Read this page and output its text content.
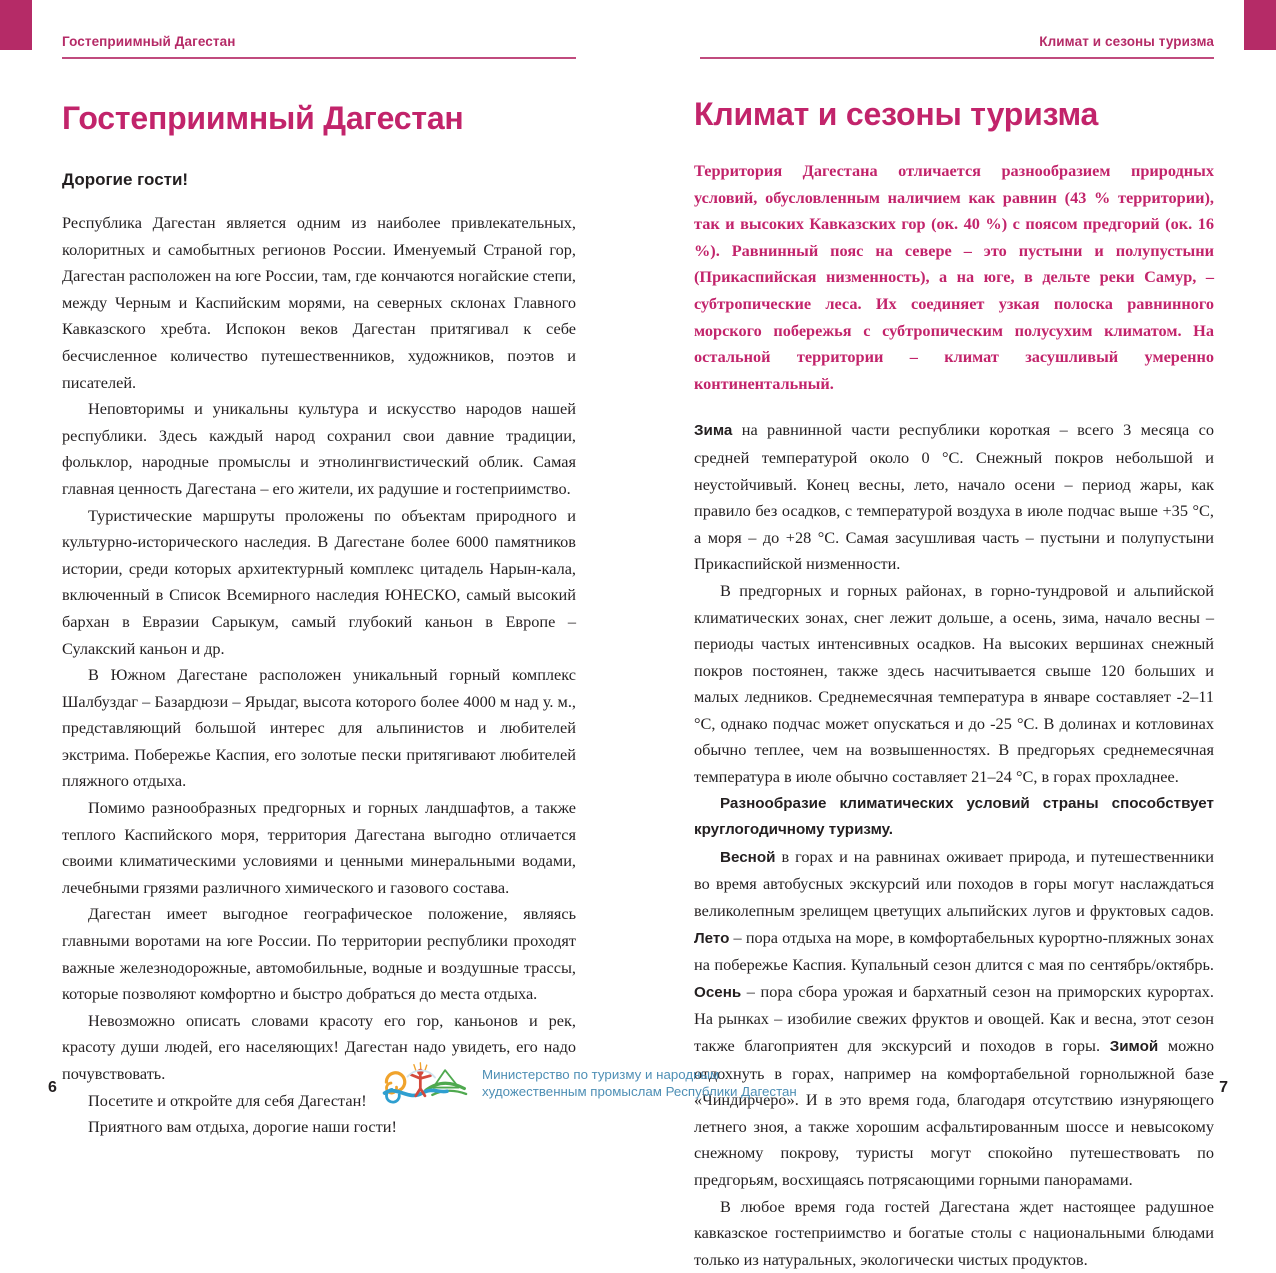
Гостеприимный Дагестан
Гостеприимный Дагестан
Дорогие гости!

Республика Дагестан является одним из наиболее привлекательных, колоритных и самобытных регионов России. Именуемый Страной гор, Дагестан расположен на юге России, там, где кончаются ногайские степи, между Черным и Каспийским морями, на северных склонах Главного Кавказского хребта. Испокон веков Дагестан притягивал к себе бесчисленное количество путешественников, художников, поэтов и писателей.

Неповторимы и уникальны культура и искусство народов нашей республики. Здесь каждый народ сохранил свои давние традиции, фольклор, народные промыслы и этнолингвистический облик. Самая главная ценность Дагестана – его жители, их радушие и гостеприимство.

Туристические маршруты проложены по объектам природного и культурно-исторического наследия. В Дагестане более 6000 памятников истории, среди которых архитектурный комплекс цитадель Нарын-кала, включенный в Список Всемирного наследия ЮНЕСКО, самый высокий бархан в Евразии Сарыкум, самый глубокий каньон в Европе – Сулакский каньон и др.

В Южном Дагестане расположен уникальный горный комплекс Шалбуздаг – Базардюзи – Ярыдаг, высота которого более 4000 м над у. м., представляющий большой интерес для альпинистов и любителей экстрима. Побережье Каспия, его золотые пески притягивают любителей пляжного отдыха.

Помимо разнообразных предгорных и горных ландшафтов, а также теплого Каспийского моря, территория Дагестана выгодно отличается своими климатическими условиями и ценными минеральными водами, лечебными грязями различного химического и газового состава.

Дагестан имеет выгодное географическое положение, являясь главными воротами на юге России. По территории республики проходят важные железнодорожные, автомобильные, водные и воздушные трассы, которые позволяют комфортно и быстро добраться до места отдыха.

Невозможно описать словами красоту его гор, каньонов и рек, красоту души людей, его населяющих! Дагестан надо увидеть, его надо почувствовать.

Посетите и откройте для себя Дагестан!

Приятного вам отдыха, дорогие наши гости!

6
Климат и сезоны туризма
Климат и сезоны туризма

Территория Дагестана отличается разнообразием природных условий, обусловленным наличием как равнин (43 % территории), так и высоких Кавказских гор (ок. 40 %) с поясом предгорий (ок. 16 %). Равнинный пояс на севере – это пустыни и полупустыни (Прикаспийская низменность), а на юге, в дельте реки Самур, – субтропические леса. Их соединяет узкая полоска равнинного морского побережья с субтропическим полусухим климатом. На остальной территории – климат засушливый умеренно континентальный.

Зима на равнинной части республики короткая – всего 3 месяца со средней температурой около 0 °С. Снежный покров небольшой и неустойчивый. Конец весны, лето, начало осени – период жары, как правило без осадков, с температурой воздуха в июле подчас выше +35 °С, а моря – до +28 °С. Самая засушливая часть – пустыни и полупустыни Прикаспийской низменности.

В предгорных и горных районах, в горно-тундровой и альпийской климатических зонах, снег лежит дольше, а осень, зима, начало весны – периоды частых интенсивных осадков. На высоких вершинах снежный покров постоянен, также здесь насчитывается свыше 120 больших и малых ледников. Среднемесячная температура в январе составляет -2–11 °С, однако подчас может опускаться и до -25 °С. В долинах и котловинах обычно теплее, чем на возвышенностях. В предгорьях среднемесячная температура в июле обычно составляет 21–24 °С, в горах прохладнее.

Разнообразие климатических условий страны способствует круглогодичному туризму.

Весной в горах и на равнинах оживает природа, и путешественники во время автобусных экскурсий или походов в горы могут наслаждаться великолепным зрелищем цветущих альпийских лугов и фруктовых садов. Лето – пора отдыха на море, в комфортабельных курортно-пляжных зонах на побережье Каспия. Купальный сезон длится с мая по сентябрь/октябрь. Осень – пора сбора урожая и бархатный сезон на приморских курортах. На рынках – изобилие свежих фруктов и овощей. Как и весна, этот сезон также благоприятен для экскурсий и походов в горы. Зимой можно отдохнуть в горах, например на комфортабельной горнолыжной базе «Чиндирчеро». И в это время года, благодаря отсутствию изнуряющего летнего зноя, а также хорошим асфальтированным шоссе и невысокому снежному покрову, туристы могут спокойно путешествовать по предгорьям, восхищаясь потрясающими горными панорамами.

В любое время года гостей Дагестана ждет настоящее радушное кавказское гостеприимство и богатые столы с национальными блюдами только из натуральных, экологически чистых продуктов.

7
Министерство по туризму и народным
художественным промыслам Республики Дагестан
